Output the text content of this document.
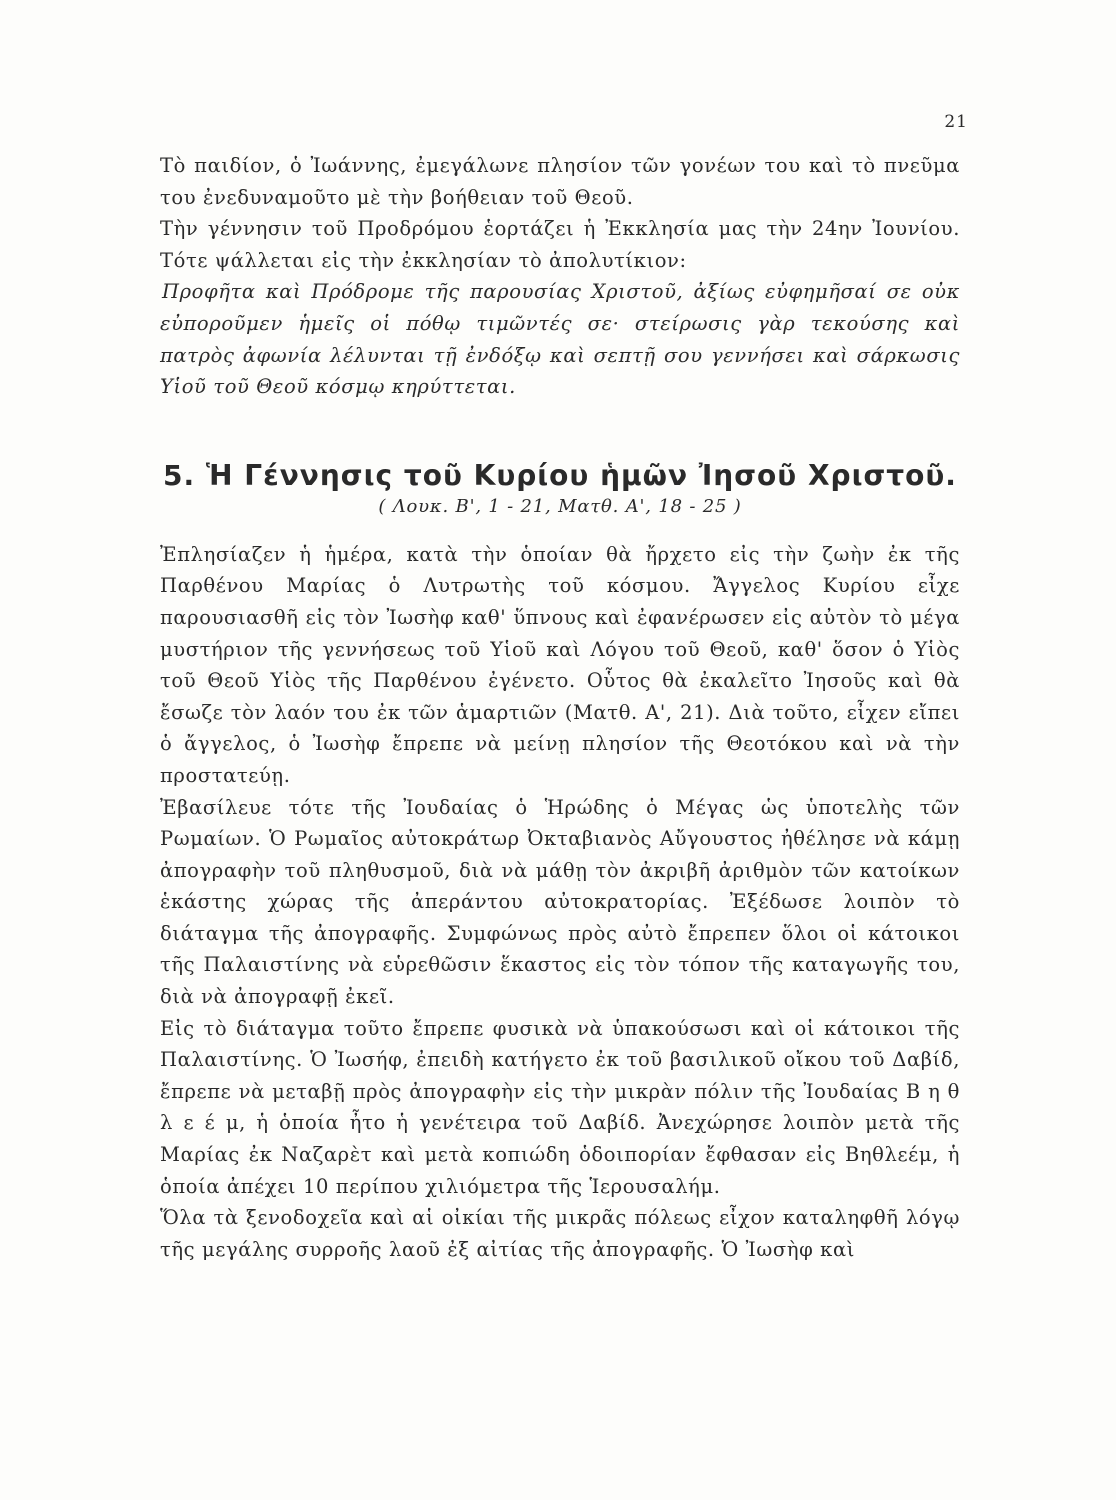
21

Τὸ παιδίον, ὁ Ἰωάννης, ἐμεγάλωνε πλησίον τῶν γονέων του καὶ τὸ πνεῦμα του ἐνεδυναμοῦτο μὲ τὴν βοήθειαν τοῦ Θεοῦ.

Τὴν γέννησιν τοῦ Προδρόμου ἑορτάζει ἡ Ἐκκλησία μας τὴν 24ην Ἰουνίου. Τότε ψάλλεται εἰς τὴν ἐκκλησίαν τὸ ἀπολυτίκιον:

Προφῆτα καὶ Πρόδρομε τῆς παρουσίας Χριστοῦ, ἀξίως εὐφημῆσαί σε οὐκ εὐποροῦμεν ἡμεῖς οἱ πόθῳ τιμῶντές σε· στείρωσις γὰρ τεκούσης καὶ πατρὸς ἀφωνία λέλυνται τῇ ἐνδόξῳ καὶ σεπτῇ σου γεννήσει καὶ σάρκωσις Υἱοῦ τοῦ Θεοῦ κόσμῳ κηρύττεται.

5. Ἡ Γέννησις τοῦ Κυρίου ἡμῶν Ἰησοῦ Χριστοῦ.
( Λουκ. Β', 1 - 21, Ματθ. Α', 18 - 25 )

Ἐπλησίαζεν ἡ ἡμέρα, κατὰ τὴν ὁποίαν θὰ ἤρχετο εἰς τὴν ζωὴν ἐκ τῆς Παρθένου Μαρίας ὁ Λυτρωτὴς τοῦ κόσμου. Ἄγγελος Κυρίου εἶχε παρουσιασθῆ εἰς τὸν Ἰωσὴφ καθ' ὕπνους καὶ ἐφανέρωσεν εἰς αὐτὸν τὸ μέγα μυστήριον τῆς γεννήσεως τοῦ Υἱοῦ καὶ Λόγου τοῦ Θεοῦ, καθ' ὅσον ὁ Υἱὸς τοῦ Θεοῦ Υἱὸς τῆς Παρθένου ἐγένετο. Οὗτος θὰ ἐκαλεῖτο Ἰησοῦς καὶ θὰ ἔσωζε τὸν λαόν του ἐκ τῶν ἁμαρτιῶν (Ματθ. Α', 21). Διὰ τοῦτο, εἶχεν εἴπει ὁ ἄγγελος, ὁ Ἰωσὴφ ἔπρεπε νὰ μείνῃ πλησίον τῆς Θεοτόκου καὶ νὰ τὴν προστατεύῃ.

Ἐβασίλευε τότε τῆς Ἰουδαίας ὁ Ἡρώδης ὁ Μέγας ὡς ὑποτελὴς τῶν Ρωμαίων. Ὁ Ρωμαῖος αὐτοκράτωρ Ὀκταβιανὸς Αὔγουστος ἠθέλησε νὰ κάμῃ ἀπογραφὴν τοῦ πληθυσμοῦ, διὰ νὰ μάθῃ τὸν ἀκριβῆ ἀριθμὸν τῶν κατοίκων ἑκάστης χώρας τῆς ἀπεράντου αὐτοκρατορίας. Ἐξέδωσε λοιπὸν τὸ διάταγμα τῆς ἀπογραφῆς. Συμφώνως πρὸς αὐτὸ ἔπρεπεν ὅλοι οἱ κάτοικοι τῆς Παλαιστίνης νὰ εὑρεθῶσιν ἕκαστος εἰς τὸν τόπον τῆς καταγωγῆς του, διὰ νὰ ἀπογραφῇ ἐκεῖ.

Εἰς τὸ διάταγμα τοῦτο ἔπρεπε φυσικὰ νὰ ὑπακούσωσι καὶ οἱ κάτοικοι τῆς Παλαιστίνης. Ὁ Ἰωσήφ, ἐπειδὴ κατήγετο ἐκ τοῦ βασιλικοῦ οἴκου τοῦ Δαβίδ, ἔπρεπε νὰ μεταβῇ πρὸς ἀπογραφὴν εἰς τὴν μικρὰν πόλιν τῆς Ἰουδαίας Β η θ λ ε έ μ, ἡ ὁποία ἦτο ἡ γενέτειρα τοῦ Δαβίδ. Ἀνεχώρησε λοιπὸν μετὰ τῆς Μαρίας ἐκ Ναζαρὲτ καὶ μετὰ κοπιώδη ὁδοιπορίαν ἔφθασαν εἰς Βηθλεέμ, ἡ ὁποία ἀπέχει 10 περίπου χιλιόμετρα τῆς Ἱερουσαλήμ.

Ὅλα τὰ ξενοδοχεῖα καὶ αἱ οἰκίαι τῆς μικρᾶς πόλεως εἶχον καταληφθῆ λόγῳ τῆς μεγάλης συρροῆς λαοῦ ἐξ αἰτίας τῆς ἀπογραφῆς. Ὁ Ἰωσὴφ καὶ
